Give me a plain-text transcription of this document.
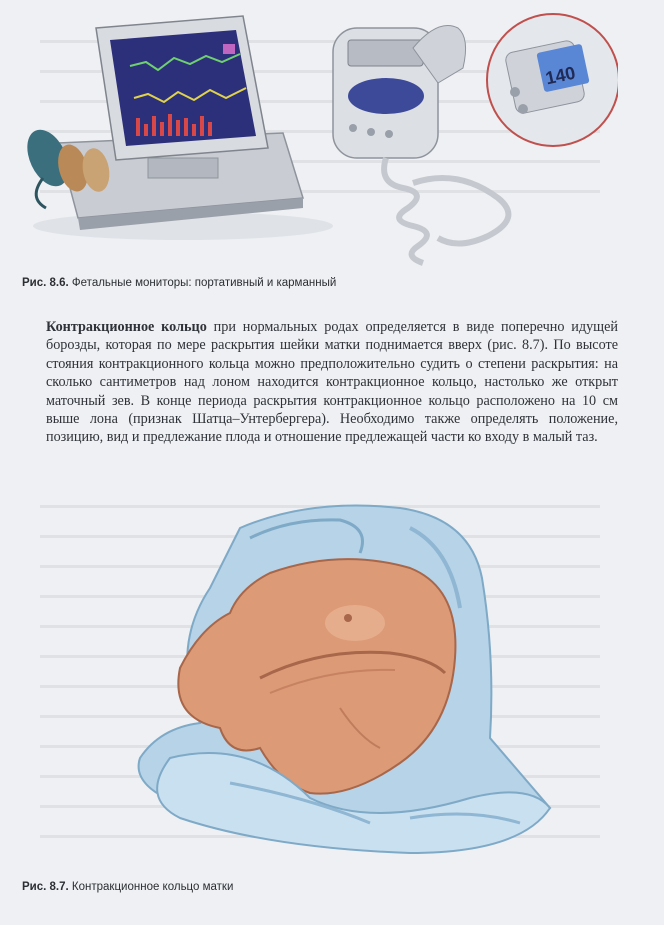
140
Рис. 8.6. Фетальные мониторы: портативный и карманный
Контракционное кольцо при нормальных родах определяется в виде поперечно идущей борозды, которая по мере раскрытия шейки матки поднимается вверх (рис. 8.7). По высоте стояния контракционного кольца можно предположительно судить о степени раскрытия: на сколько сантиметров над лоном находится контракционное кольцо, настолько же открыт маточный зев. В конце периода раскрытия контракционное кольцо расположено на 10 см выше лона (признак Шатца–Унтербергера). Необходимо также определять положение, позицию, вид и предлежание плода и отношение предлежащей части ко входу в малый таз.
Рис. 8.7. Контракционное кольцо матки
